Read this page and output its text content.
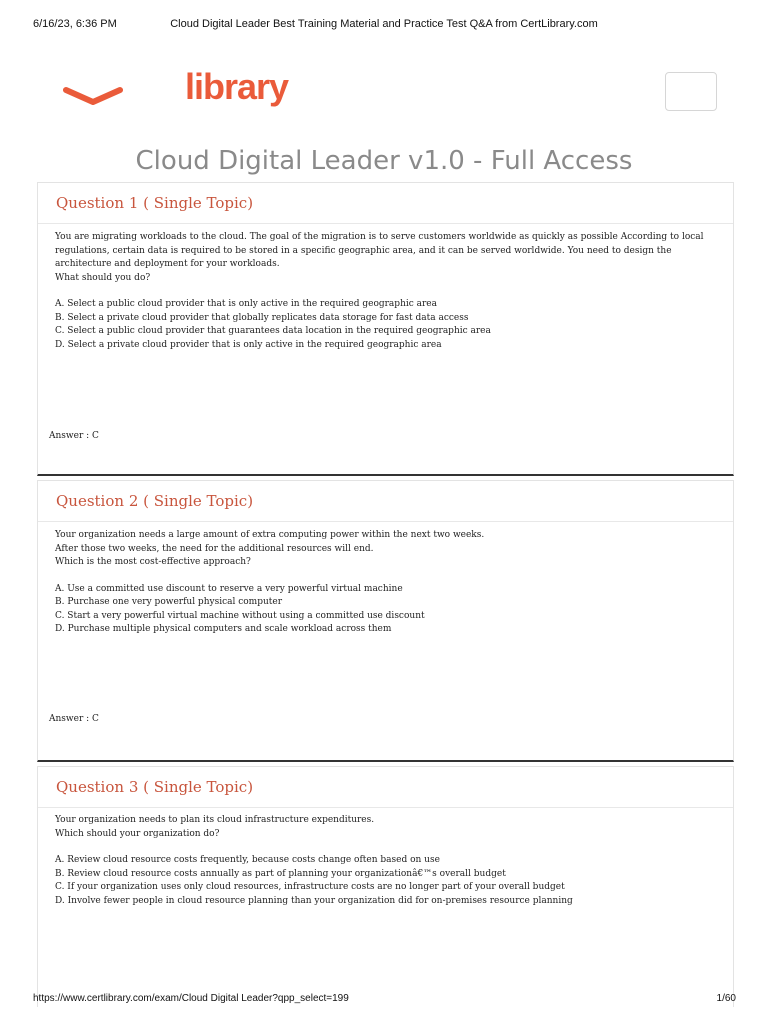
6/16/23, 6:36 PM	Cloud Digital Leader Best Training Material and Practice Test Q&A from CertLibrary.com
library
Cloud Digital Leader v1.0 - Full Access
Question 1 ( Single Topic)

You are migrating workloads to the cloud. The goal of the migration is to serve customers worldwide as quickly as possible According to local regulations, certain data is required to be stored in a specific geographic area, and it can be served worldwide. You need to design the architecture and deployment for your workloads.

What should you do?

A. Select a public cloud provider that is only active in the required geographic area

B. Select a private cloud provider that globally replicates data storage for fast data access

C. Select a public cloud provider that guarantees data location in the required geographic area

D. Select a private cloud provider that is only active in the required geographic area

Answer : C
Question 2 ( Single Topic)

Your organization needs a large amount of extra computing power within the next two weeks.

After those two weeks, the need for the additional resources will end.

Which is the most cost-effective approach?

A. Use a committed use discount to reserve a very powerful virtual machine

B. Purchase one very powerful physical computer

C. Start a very powerful virtual machine without using a committed use discount

D. Purchase multiple physical computers and scale workload across them

Answer : C
Question 3 ( Single Topic)

Your organization needs to plan its cloud infrastructure expenditures.

Which should your organization do?

A. Review cloud resource costs frequently, because costs change often based on use

B. Review cloud resource costs annually as part of planning your organizationâ€™s overall budget

C. If your organization uses only cloud resources, infrastructure costs are no longer part of your overall budget

D. Involve fewer people in cloud resource planning than your organization did for on-premises resource planning

https://www.certlibrary.com/exam/Cloud Digital Leader?qpp_select=199	1/60
